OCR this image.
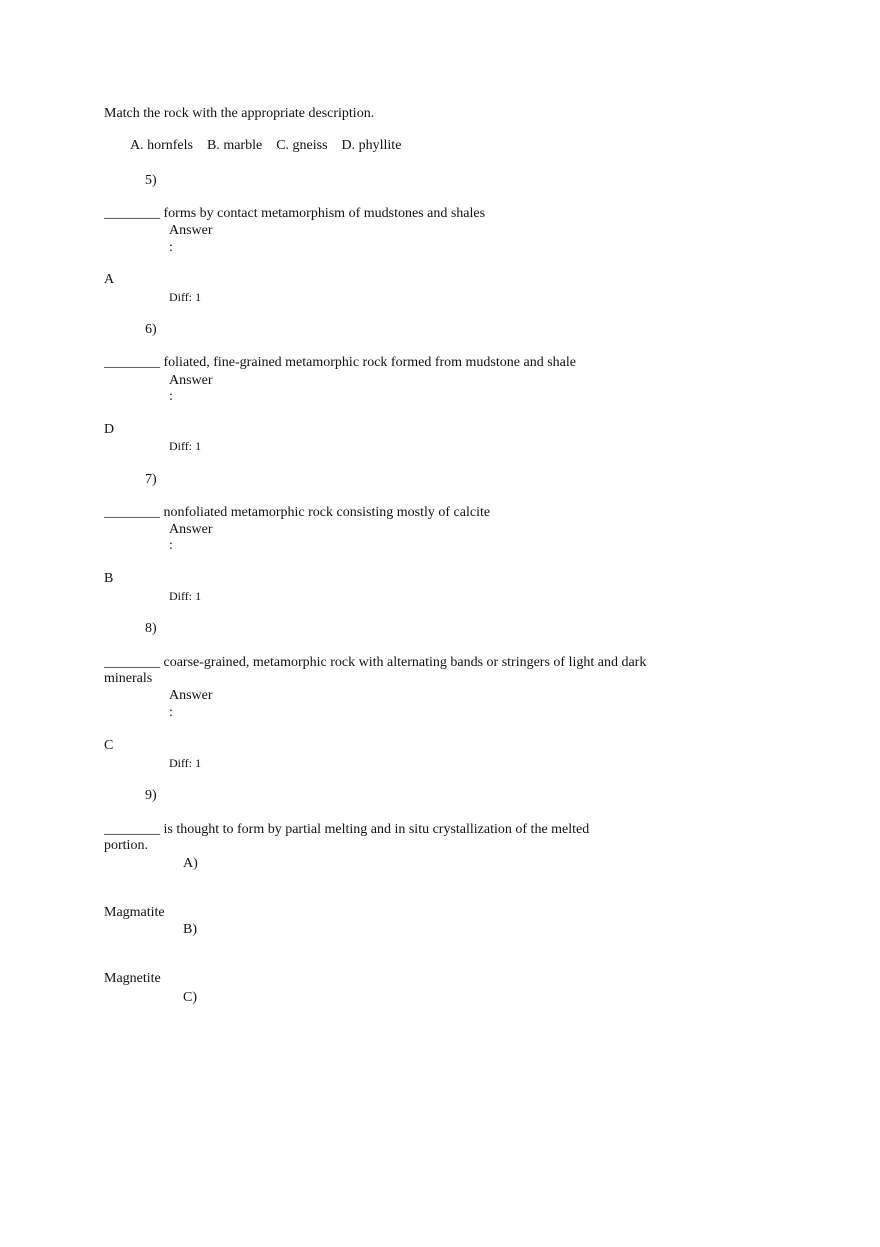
Match the rock with the appropriate description.
A. hornfels    B. marble    C. gneiss    D. phyllite
5)
________ forms by contact metamorphism of mudstones and shales
Answer
:
A
Diff: 1
6)
________ foliated, fine-grained metamorphic rock formed from mudstone and shale
Answer
:
D
Diff: 1
7)
________ nonfoliated metamorphic rock consisting mostly of calcite
Answer
:
B
Diff: 1
8)
________ coarse-grained, metamorphic rock with alternating bands or stringers of light and dark minerals
Answer
:
C
Diff: 1
9)
________ is thought to form by partial melting and in situ crystallization of the melted portion.
A)
Magmatite
B)
Magnetite
C)
